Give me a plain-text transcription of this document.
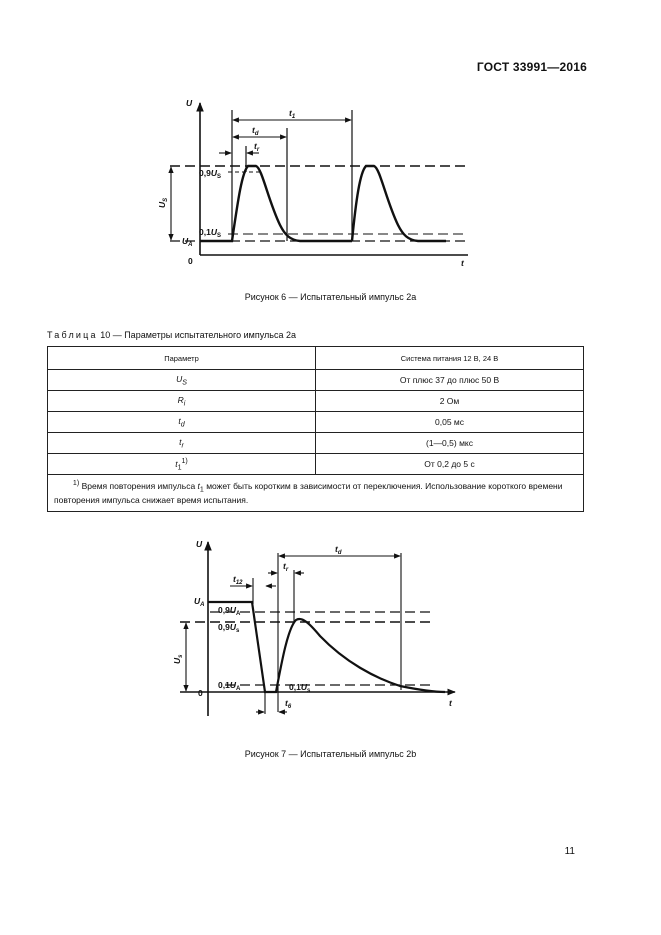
ГОСТ 33991—2016
U
t
0
$t_1$
$t_d$
$t_r$
$U_S$
$0,9U_S$
$0,1U_S$
$U_A$
Рисунок 6 — Испытательный импульс 2а
Таблица 10 — Параметры испытательного импульса 2а
Параметр	Система питания 12 В, 24 В
$U_S$	От плюс 37 до плюс 50 В
$R_i$	2 Ом
$t_d$	0,05 мс
$t_r$	(1—0,5) мкс
$t_1^{1)}$	От 0,2 до 5 с
$^{1)}$ Время повторения импульса $t_1$ может быть коротким в зависимости от переключения. Использование короткого времени повторения импульса снижает время испытания.	
U
t
0
$t_d$
$t_{12}$
$t_r$
$t_6$
$U_A$
$U_s$
$0,9U_A$
$0,9U_s$
$0,1U_A$	$0,1U_s$
Рисунок 7 — Испытательный импульс 2b
11
